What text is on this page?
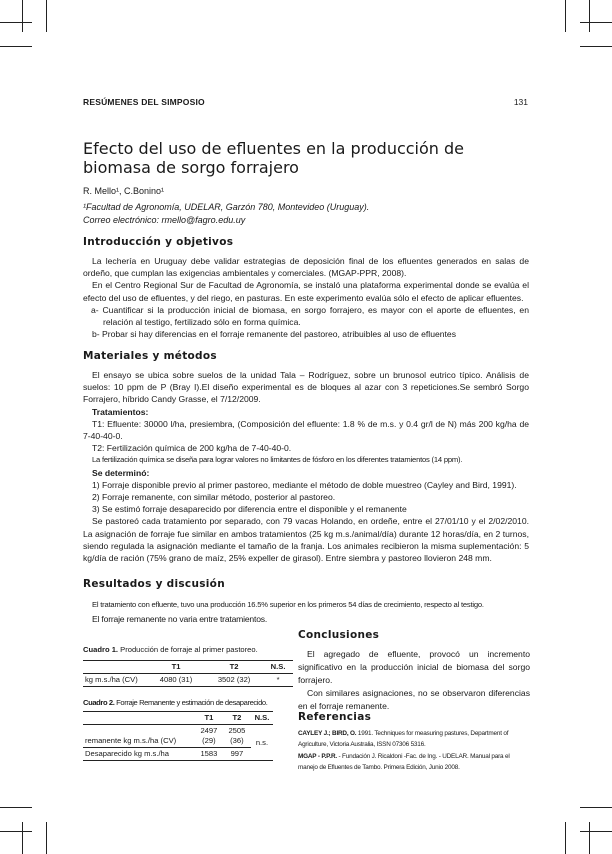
RESÚMENES DEL SIMPOSIO	131
Efecto del uso de efluentes en la producción de biomasa de sorgo forrajero
R. Mello¹, C.Bonino¹
¹Facultad de Agronomía, UDELAR, Garzón 780, Montevideo (Uruguay).
Correo electrónico: rmello@fagro.edu.uy
Introducción y objetivos

La lechería en Uruguay debe validar estrategias de deposición final de los efluentes generados en salas de ordeño, que cumplan las exigencias ambientales y comerciales. (MGAP-PPR, 2008).

En el Centro Regional Sur de Facultad de Agronomía, se instaló una plataforma experimental donde se evalúa el efecto del uso de efluentes, y del riego, en pasturas. En este experimento evalúa sólo el efecto de aplicar efluentes.

a- Cuantificar si la producción inicial de biomasa, en sorgo forrajero, es mayor con el aporte de efluentes, en relación al testigo, fertilizado sólo en forma química.

b- Probar si hay diferencias en el forraje remanente del pastoreo, atribuibles al uso de efluentes

Materiales y métodos

El ensayo se ubica sobre suelos de la unidad Tala – Rodríguez, sobre un brunosol eutrico típico. Análisis de suelos: 10 ppm de P (Bray I).El diseño experimental es de bloques al azar con 3 repeticiones.Se sembró Sorgo Forrajero, híbrido Candy Grasse, el 7/12/2009.

Tratamientos:

T1: Efluente: 30000 l/ha, presiembra, (Composición del efluente: 1.8 % de m.s. y 0.4 gr/l de N) más 200 kg/ha de 7-40-40-0.

T2: Fertilización química de 200 kg/ha de 7-40-40-0.

La fertilización química se diseña para lograr valores no limitantes de fósforo en los diferentes tratamientos (14 ppm).

Se determinó:

1) Forraje disponible previo al primer pastoreo, mediante el método de doble muestreo (Cayley and Bird, 1991).

2) Forraje remanente, con similar método, posterior al pastoreo.

3) Se estimó forraje desaparecido por diferencia entre el disponible y el remanente

Se pastoreó cada tratamiento por separado, con 79 vacas Holando, en ordeñe, entre el 27/01/10 y el 2/02/2010. La asignación de forraje fue similar en ambos tratamientos (25 kg m.s./animal/día) durante 12 horas/día, en 2 turnos, siendo regulada la asignación mediante el tamaño de la franja. Los animales recibieron la misma suplementación: 5 kg/día de ración (75% grano de maíz, 25% expeller de girasol). Entre siembra y pastoreo llovieron 248 mm.

Resultados y discusión

El tratamiento con efluente, tuvo una producción 16.5% superior en los primeros 54 días de crecimiento, respecto al testigo.

El forraje remanente no varia entre tratamientos.

Cuadro 1. Producción de forraje al primer pastoreo.
	T1	T2	N.S.
kg m.s./ha (CV)	4080 (31)	3502 (32)	*
Cuadro 2. Forraje Remanente y estimación de desaparecido.
	T1	T2	N.S.
remanente kg m.s./ha (CV)	2497 (29)	2505 (36)	n.s.
Desaparecido kg m.s./ha	1583	997	
Conclusiones

El agregado de efluente, provocó un incremento significativo en la producción inicial de biomasa del sorgo forrajero.

Con similares asignaciones, no se observaron diferencias en el forraje remanente.

Referencias

CAYLEY J.; BIRD, O. 1991. Techniques for measuring pastures, Department of Agriculture, Victoria Australia, ISSN 07306 5316.

MGAP - P.P.R. - Fundación J. Ricaldoni -Fac. de Ing. - UDELAR. Manual para el manejo de Efluentes de Tambo. Primera Edición, Junio 2008.
